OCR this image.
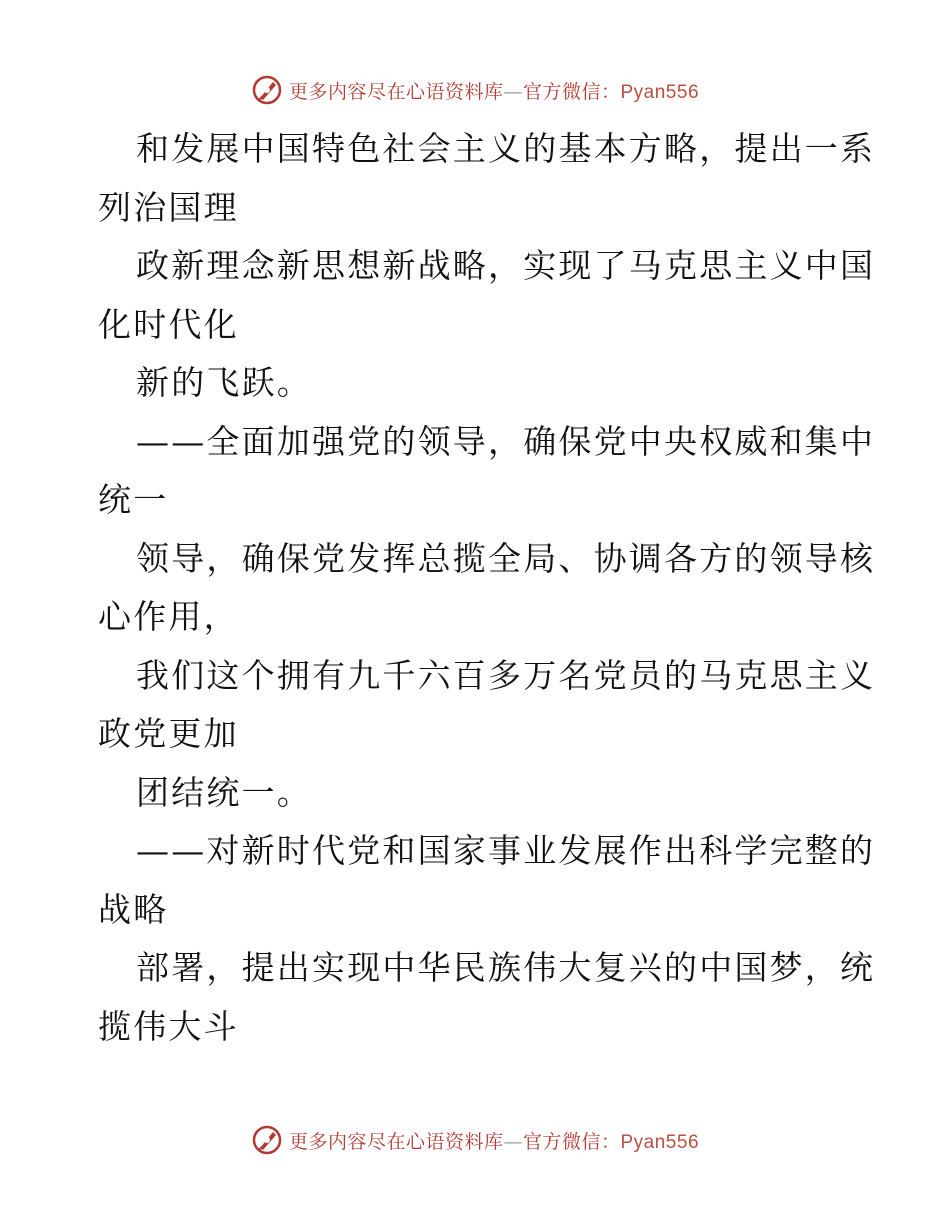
更多内容尽在心语资料库—官方微信：Pyan556

和发展中国特色社会主义的基本方略，提出一系

列治国理

政新理念新思想新战略，实现了马克思主义中国

化时代化

新的飞跃。

——全面加强党的领导，确保党中央权威和集中

统一

领导，确保党发挥总揽全局、协调各方的领导核

心作用，

我们这个拥有九千六百多万名党员的马克思主义

政党更加

团结统一。

——对新时代党和国家事业发展作出科学完整的

战略

部署，提出实现中华民族伟大复兴的中国梦，统

揽伟大斗

更多内容尽在心语资料库—官方微信：Pyan556
